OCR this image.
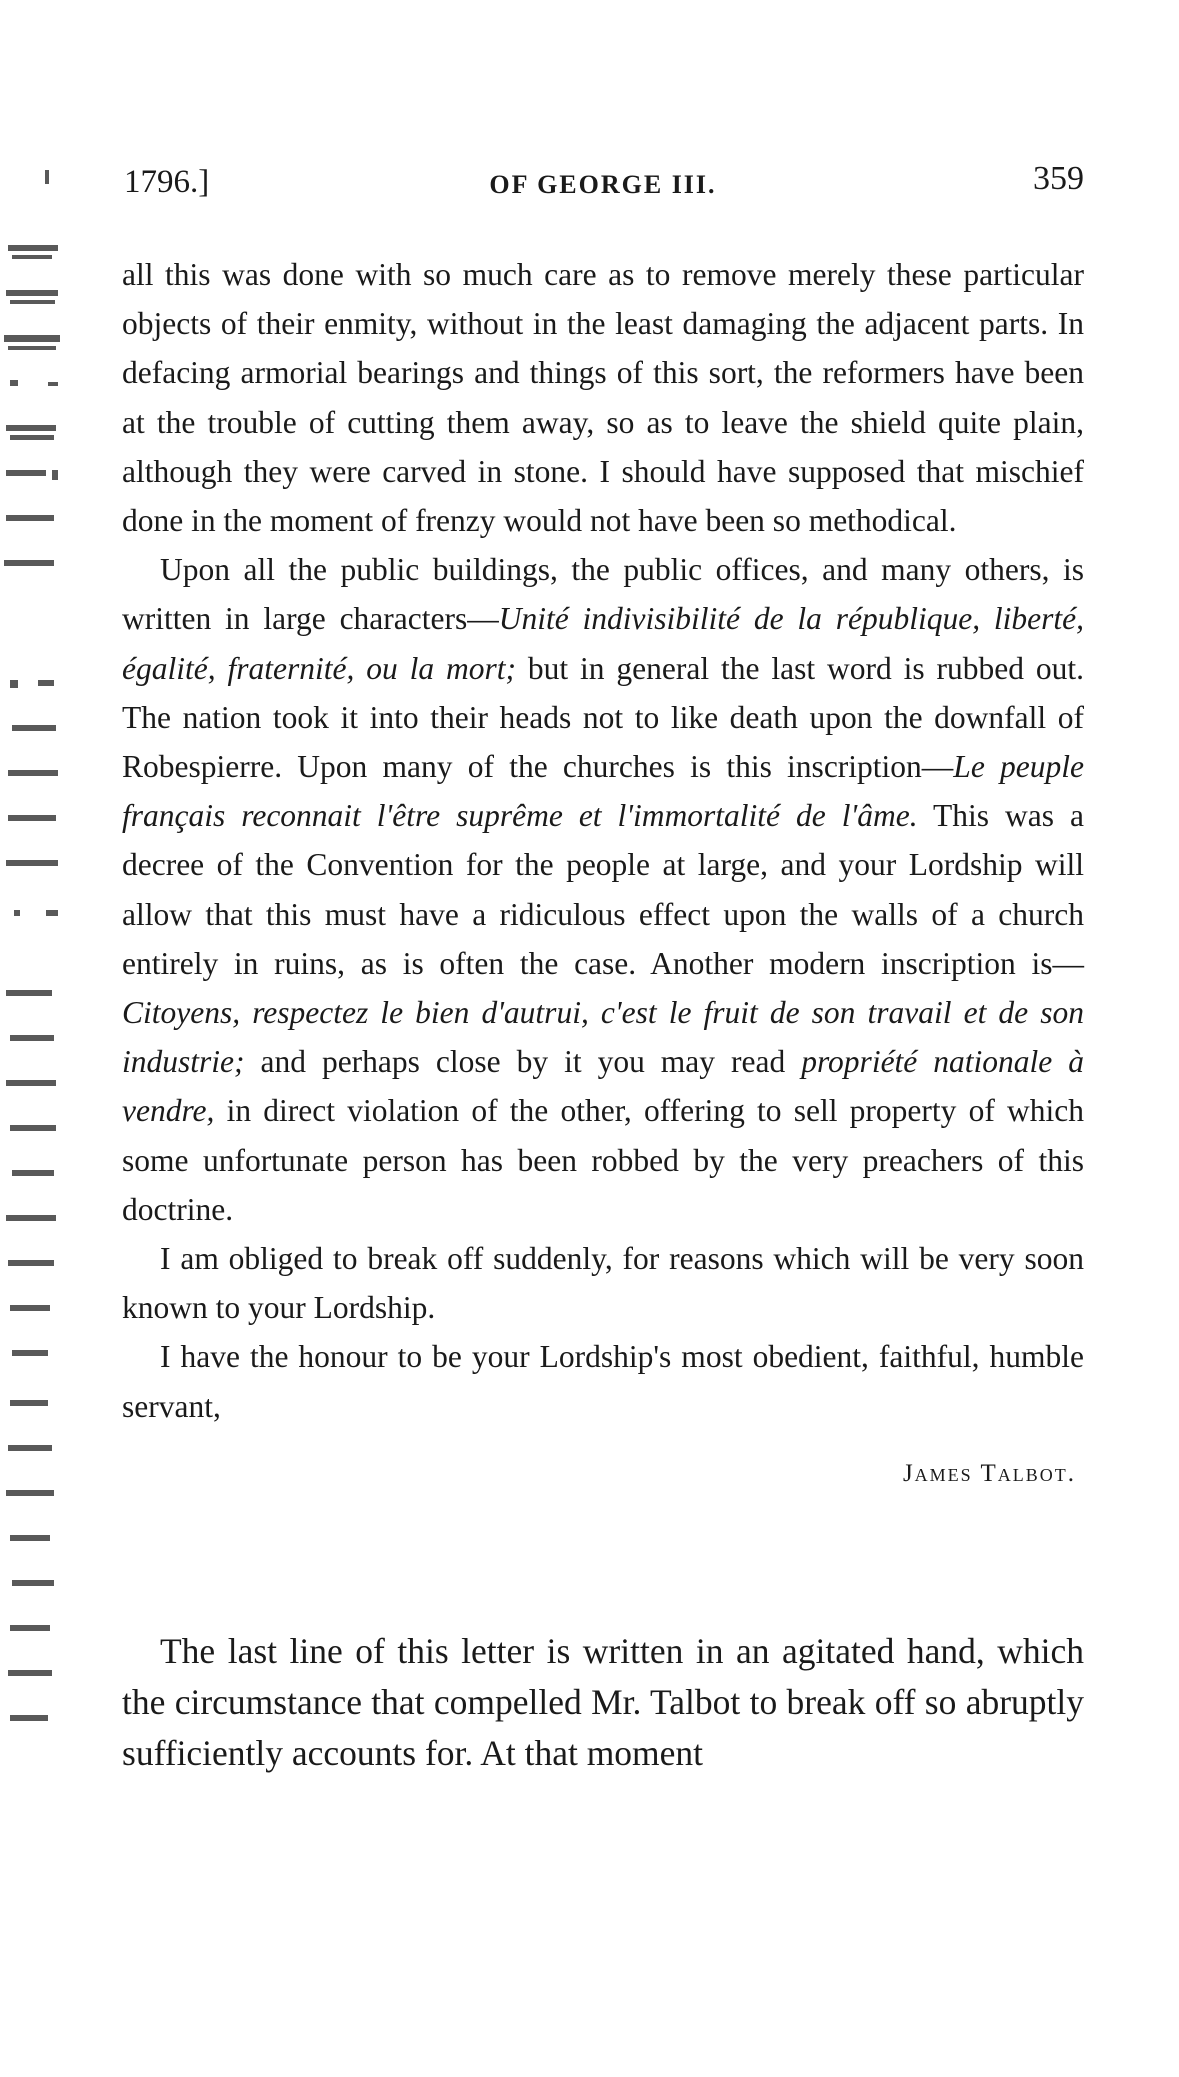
1796.]	OF GEORGE III.	359

all this was done with so much care as to remove merely these particular objects of their enmity, without in the least damaging the adjacent parts. In defacing armorial bearings and things of this sort, the reformers have been at the trouble of cutting them away, so as to leave the shield quite plain, although they were carved in stone. I should have supposed that mischief done in the moment of frenzy would not have been so methodical.

Upon all the public buildings, the public offices, and many others, is written in large characters—Unité indivisibilité de la république, liberté, égalité, fraternité, ou la mort; but in general the last word is rubbed out. The nation took it into their heads not to like death upon the downfall of Robespierre. Upon many of the churches is this inscription—Le peuple français reconnait l'être suprême et l'immortalité de l'âme. This was a decree of the Convention for the people at large, and your Lordship will allow that this must have a ridiculous effect upon the walls of a church entirely in ruins, as is often the case. Another modern inscription is—Citoyens, respectez le bien d'autrui, c'est le fruit de son travail et de son industrie; and perhaps close by it you may read propriété nationale à vendre, in direct violation of the other, offering to sell property of which some unfortunate person has been robbed by the very preachers of this doctrine.

I am obliged to break off suddenly, for reasons which will be very soon known to your Lordship.

I have the honour to be your Lordship's most obedient, faithful, humble servant,

James Talbot.

The last line of this letter is written in an agitated hand, which the circumstance that compelled Mr. Talbot to break off so abruptly sufficiently accounts for. At that moment
